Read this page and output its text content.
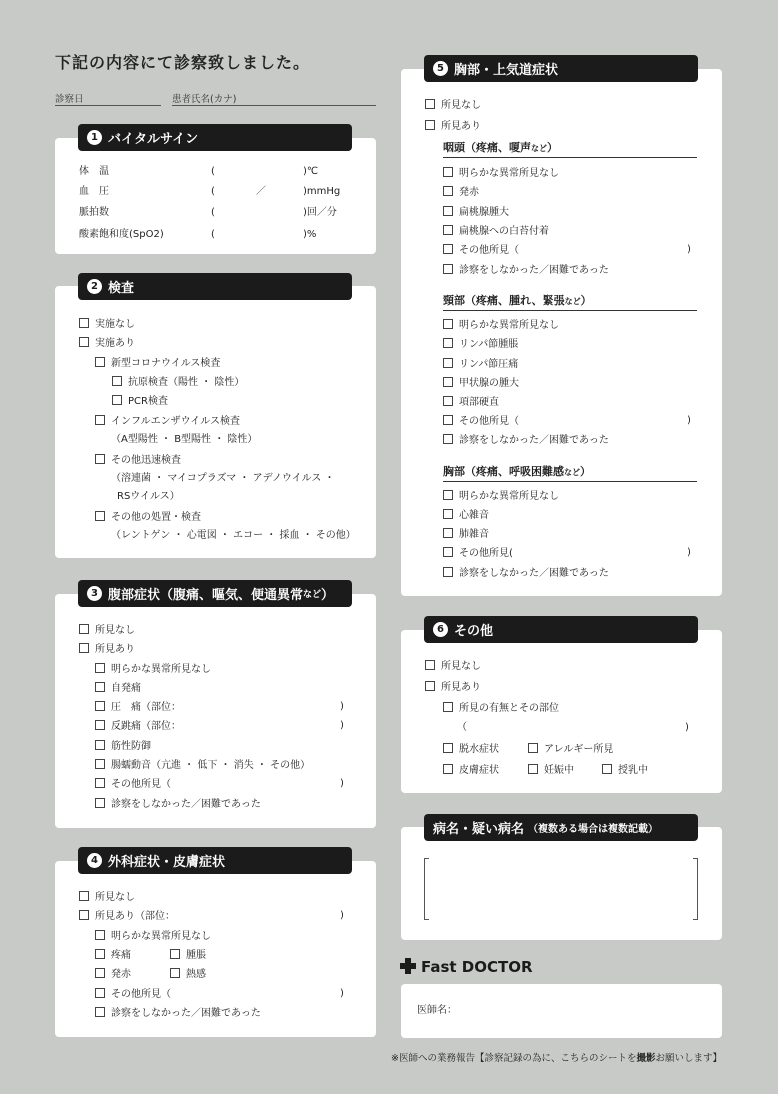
下記の内容にて診察致しました。
診察日	患者氏名(カナ)
1 バイタルサイン
体　温	(	)℃
血　圧	(	／	)mmHg
脈拍数	(	)回／分
酸素飽和度(SpO2)	(	)%
2 検査
実施なし
実施あり
新型コロナウイルス検査
抗原検査（陽性 ・ 陰性）
PCR検査
インフルエンザウイルス検査
（A型陽性 ・ B型陽性 ・ 陰性）
その他迅速検査
（溶連菌 ・ マイコプラズマ ・ アデノウイルス ・
RSウイルス）
その他の処置・検査
（レントゲン ・ 心電図 ・ エコー ・ 採血 ・ その他）
3 腹部症状（腹痛、嘔気、便通異常 など ）
所見なし
所見あり
明らかな異常所見なし
自発痛
圧　痛（部位：
反跳痛（部位：
筋性防御
腸蠕動音（亢進 ・ 低下 ・ 消失 ・ その他）
その他所見（
診察をしなかった／困難であった
)
)
)
4 外科症状・皮膚症状
所見なし
所見あり（部位：
明らかな異常所見なし
疼痛	腫脹
発赤	熱感
その他所見（
診察をしなかった／困難であった
)
)
5 胸部・上気道症状
所見なし
所見あり
咽頭（疼痛、嗄声など）
明らかな異常所見なし
発赤
扁桃腺腫大
扁桃腺への白苔付着
その他所見（	)
診察をしなかった／困難であった
頸部（疼痛、腫れ、緊張など）
明らかな異常所見なし
リンパ節腫脹
リンパ節圧痛
甲状腺の腫大
項部硬直
その他所見（	)
診察をしなかった／困難であった
胸部（疼痛、呼吸困難感など）
明らかな異常所見なし
心雑音
肺雑音
その他所見(	)
診察をしなかった／困難であった
6 その他
所見なし
所見あり
所見の有無とその部位
（	)
脱水症状	アレルギー所見
皮膚症状	妊娠中	授乳中
病名・疑い病名 （複数ある場合は複数記載）
Fast DOCTOR
医師名：
※医師への業務報告【診察記録の為に、こちらのシートを撮影お願いします】
